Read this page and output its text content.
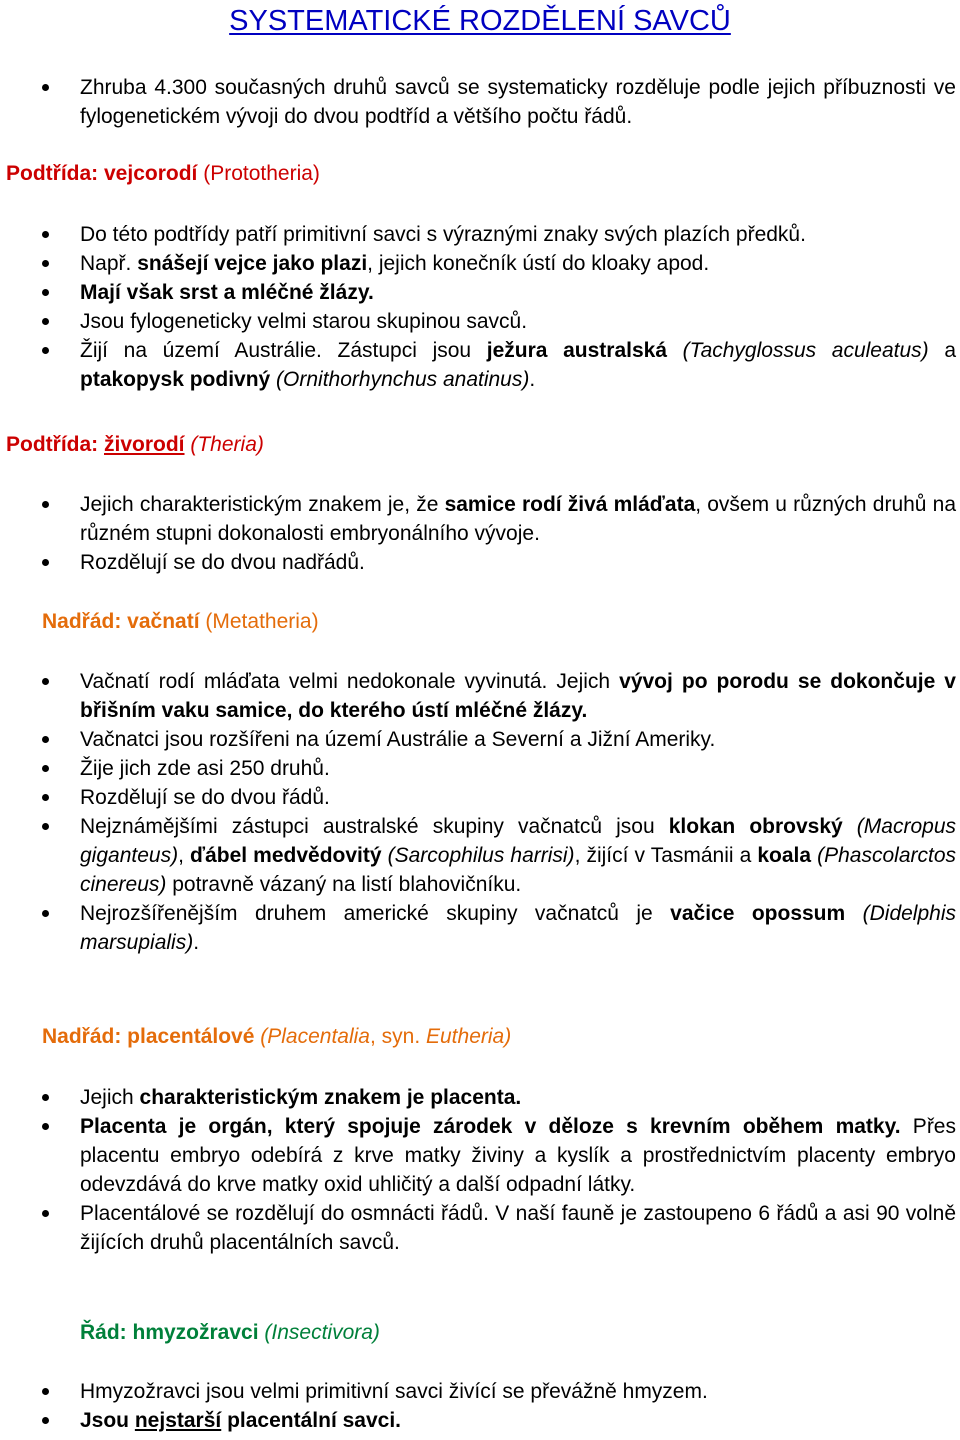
SYSTEMATICKÉ ROZDĚLENÍ SAVCŮ
Zhruba 4.300 současných druhů savců se systematicky rozděluje podle jejich příbuznosti ve fylogenetickém vývoji do dvou podtříd a většího počtu řádů.
Podtřída: vejcorodí (Prototheria)
Do této podtřídy patří primitivní savci s výraznými znaky svých plazích předků.
Např. snášejí vejce jako plazi, jejich konečník ústí do kloaky apod.
Mají však srst a mléčné žlázy.
Jsou fylogeneticky velmi starou skupinou savců.
Žijí na území Austrálie. Zástupci jsou ježura australská (Tachyglossus aculeatus) a ptakopysk podivný (Ornithorhynchus anatinus).
Podtřída: živorodí (Theria)
Jejich charakteristickým znakem je, že samice rodí živá mláďata, ovšem u různých druhů na různém stupni dokonalosti embryonálního vývoje.
Rozdělují se do dvou nadřádů.
Nadřád: vačnatí (Metatheria)
Vačnatí rodí mláďata velmi nedokonale vyvinutá. Jejich vývoj po porodu se dokončuje v břišním vaku samice, do kterého ústí mléčné žlázy.
Vačnatci jsou rozšířeni na území Austrálie a Severní a Jižní Ameriky.
Žije jich zde asi 250 druhů.
Rozdělují se do dvou řádů.
Nejznámějšími zástupci australské skupiny vačnatců jsou klokan obrovský (Macropus giganteus), ďábel medvědovitý (Sarcophilus harrisi), žijící v Tasmánii a koala (Phascolarctos cinereus) potravně vázaný na listí blahovičníku.
Nejrozšířenějším druhem americké skupiny vačnatců je vačice opossum (Didelphis marsupialis).
Nadřád: placentálové (Placentalia, syn. Eutheria)
Jejich charakteristickým znakem je placenta.
Placenta je orgán, který spojuje zárodek v děloze s krevním oběhem matky. Přes placentu embryo odebírá z krve matky živiny a kyslík a prostřednictvím placenty embryo odevzdává do krve matky oxid uhličitý a další odpadní látky.
Placentálové se rozdělují do osmnácti řádů. V naší fauně je zastoupeno 6 řádů a asi 90 volně žijících druhů placentálních savců.
Řád: hmyzožravci (Insectivora)
Hmyzožravci jsou velmi primitivní savci živící se převážně hmyzem.
Jsou nejstarší placentální savci.
